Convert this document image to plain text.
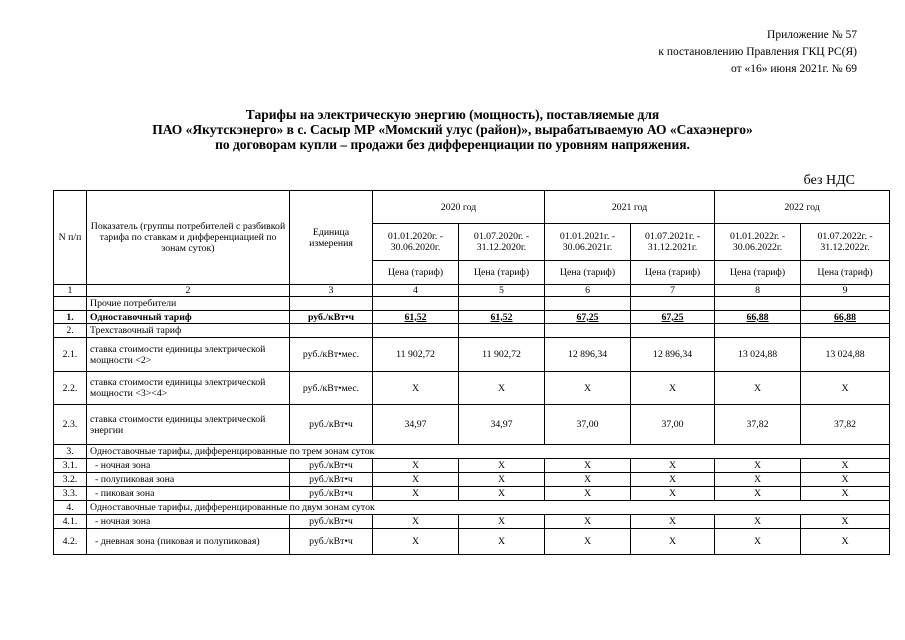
Приложение № 57
к постановлению Правления ГКЦ РС(Я)
от «16» июня 2021г. № 69
Тарифы на электрическую энергию (мощность), поставляемые для
ПАО «Якутскэнерго» в с. Сасыр МР «Момский улус (район)», вырабатываемую АО «Сахаэнерго»
по договорам купли – продажи без дифференциации по уровням напряжения.
без НДС
N п/п	Показатель (группы потребителей с разбивкой тарифа по ставкам и дифференциацией по зонам суток)	Единица измерения	2020 год		2021 год		2022 год	
			01.01.2020г. - 30.06.2020г.	01.07.2020г. - 31.12.2020г.	01.01.2021г. - 30.06.2021г.	01.07.2021г. - 31.12.2021г.	01.01.2022г. - 30.06.2022г.	01.07.2022г. - 31.12.2022г.
			Цена (тариф)	Цена (тариф)	Цена (тариф)	Цена (тариф)	Цена (тариф)	Цена (тариф)
1	2	3	4	5	6	7	8	9
	Прочие потребители							
1.	Одноставочный тариф	руб./кВт•ч	61,52	61,52	67,25	67,25	66,88	66,88
2.	Трехставочный тариф							
2.1.	ставка стоимости единицы электрической мощности <2>	руб./кВт•мес.	11 902,72	11 902,72	12 896,34	12 896,34	13 024,88	13 024,88
2.2.	ставка стоимости единицы электрической мощности <3><4>	руб./кВт•мес.	X	X	X	X	X	X
2.3.	ставка стоимости единицы электрической энергии	руб./кВт•ч	34,97	34,97	37,00	37,00	37,82	37,82
3.	Одноставочные тарифы, дифференцированные по трем зонам суток							
3.1.	- ночная зона	руб./кВт•ч	X	X	X	X	X	X
3.2.	- полупиковая зона	руб./кВт•ч	X	X	X	X	X	X
3.3.	- пиковая зона	руб./кВт•ч	X	X	X	X	X	X
4.	Одноставочные тарифы, дифференцированные по двум зонам суток							
4.1.	- ночная зона	руб./кВт•ч	X	X	X	X	X	X
4.2.	- дневная зона (пиковая и полупиковая)	руб./кВт•ч	X	X	X	X	X	X
